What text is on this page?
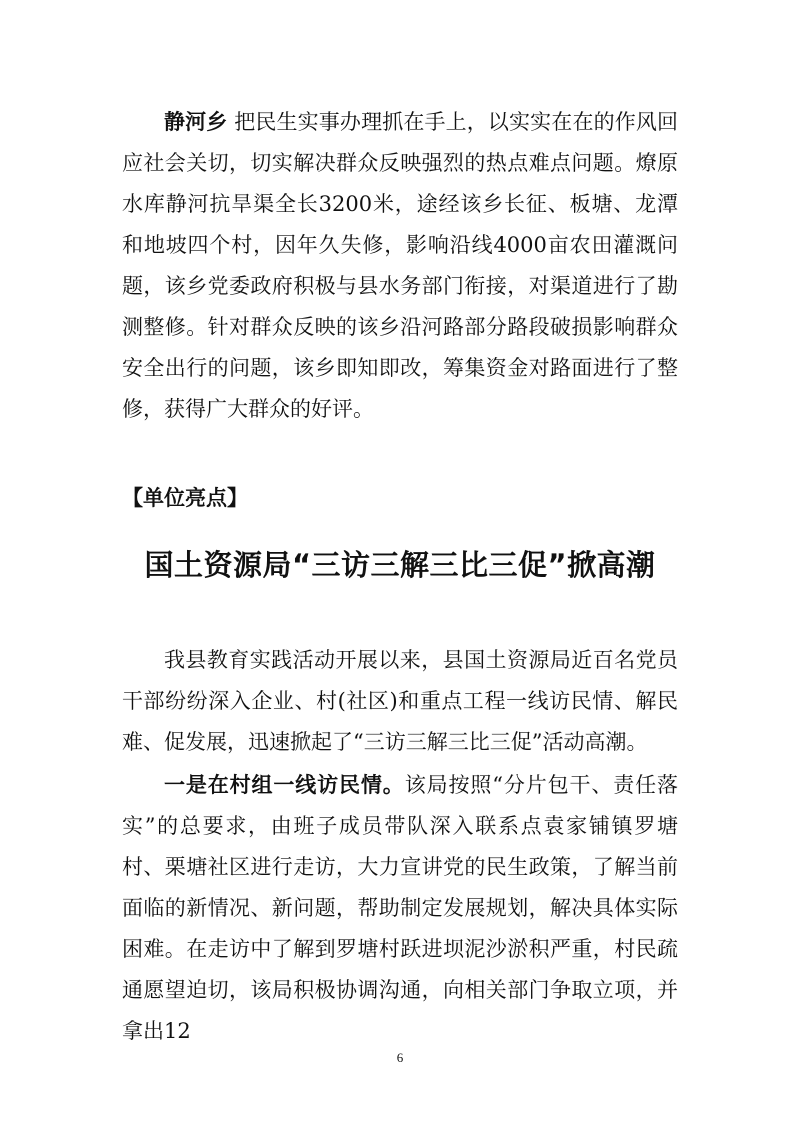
静河乡 把民生实事办理抓在手上，以实实在在的作风回应社会关切，切实解决群众反映强烈的热点难点问题。燎原水库静河抗旱渠全长3200米，途经该乡长征、板塘、龙潭和地坡四个村，因年久失修，影响沿线4000亩农田灌溉问题，该乡党委政府积极与县水务部门衔接，对渠道进行了勘测整修。针对群众反映的该乡沿河路部分路段破损影响群众安全出行的问题，该乡即知即改，筹集资金对路面进行了整修，获得广大群众的好评。

【单位亮点】

国土资源局“三访三解三比三促”掀高潮

我县教育实践活动开展以来，县国土资源局近百名党员干部纷纷深入企业、村(社区)和重点工程一线访民情、解民难、促发展，迅速掀起了“三访三解三比三促”活动高潮。

一是在村组一线访民情。该局按照“分片包干、责任落实”的总要求，由班子成员带队深入联系点袁家铺镇罗塘村、栗塘社区进行走访，大力宣讲党的民生政策，了解当前面临的新情况、新问题，帮助制定发展规划，解决具体实际困难。在走访中了解到罗塘村跃进坝泥沙淤积严重，村民疏通愿望迫切，该局积极协调沟通，向相关部门争取立项，并拿出12

6
